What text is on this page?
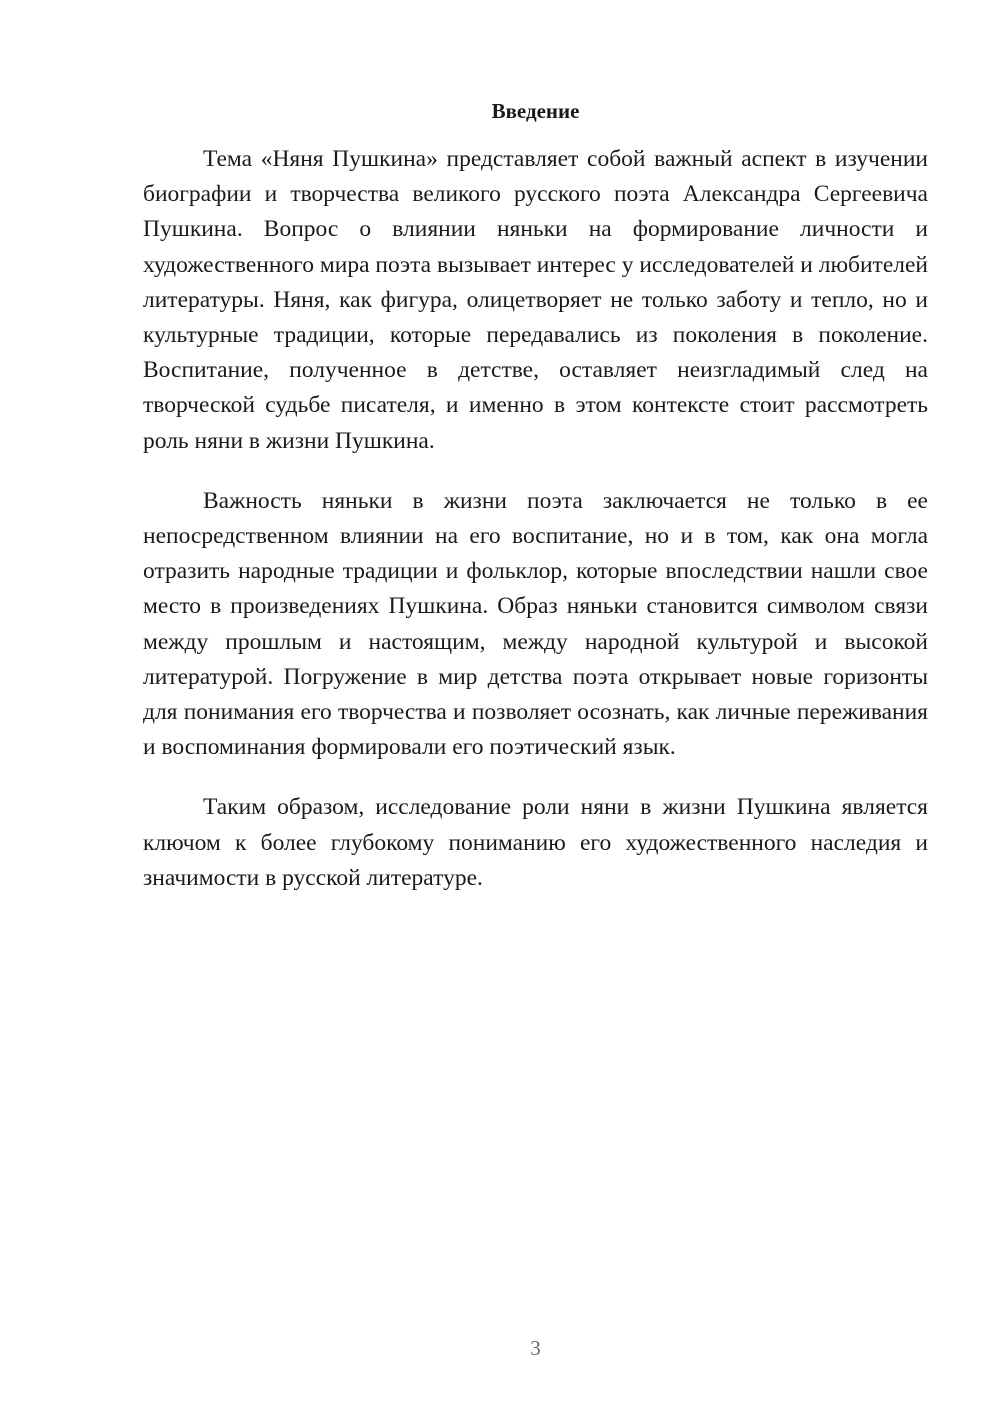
Введение

Тема «Няня Пушкина» представляет собой важный аспект в изучении биографии и творчества великого русского поэта Александра Сергеевича Пушкина. Вопрос о влиянии няньки на формирование личности и художественного мира поэта вызывает интерес у исследователей и любителей литературы. Няня, как фигура, олицетворяет не только заботу и тепло, но и культурные традиции, которые передавались из поколения в поколение. Воспитание, полученное в детстве, оставляет неизгладимый след на творческой судьбе писателя, и именно в этом контексте стоит рассмотреть роль няни в жизни Пушкина.

Важность няньки в жизни поэта заключается не только в ее непосредственном влиянии на его воспитание, но и в том, как она могла отразить народные традиции и фольклор, которые впоследствии нашли свое место в произведениях Пушкина. Образ няньки становится символом связи между прошлым и настоящим, между народной культурой и высокой литературой. Погружение в мир детства поэта открывает новые горизонты для понимания его творчества и позволяет осознать, как личные переживания и воспоминания формировали его поэтический язык.

Таким образом, исследование роли няни в жизни Пушкина является ключом к более глубокому пониманию его художественного наследия и значимости в русской литературе.

3
